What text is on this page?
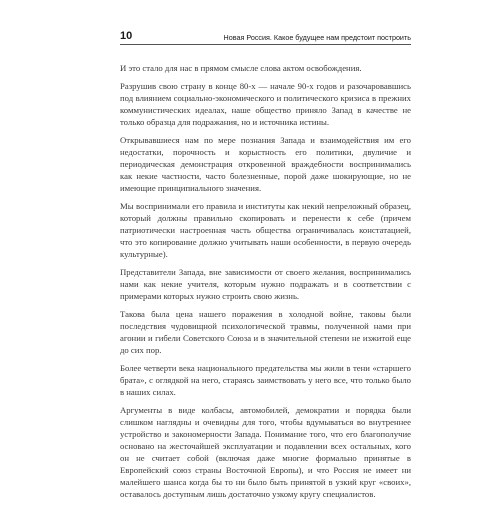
10	Новая Россия. Какое будущее нам предстоит построить

И это стало для нас в прямом смысле слова актом освобождения.

Разрушив свою страну в конце 80-х — начале 90-х годов и разочаровавшись под влиянием социально-экономического и политического кризиса в прежних коммунистических идеалах, наше общество приняло Запад в качестве не только образца для подражания, но и источника истины.

Открывавшиеся нам по мере познания Запада и взаимодействия им его недостатки, порочность и корыстность его политики, двуличие и периодическая демонстрация откровенной враждебности воспринимались как некие частности, часто болезненные, порой даже шокирующие, но не имеющие принципиального значения.

Мы воспринимали его правила и институты как некий непреложный образец, который должны правильно скопировать и перенести к себе (причем патриотически настроенная часть общества ограничивалась констатацией, что это копирование должно учитывать наши особенности, в первую очередь культурные).

Представители Запада, вне зависимости от своего желания, воспринимались нами как некие учителя, которым нужно подражать и в соответствии с примерами которых нужно строить свою жизнь.

Такова была цена нашего поражения в холодной войне, таковы были последствия чудовищной психологической травмы, полученной нами при агонии и гибели Советского Союза и в значительной степени не изжитой еще до сих пор.

Более четверти века национального предательства мы жили в тени «старшего брата», с оглядкой на него, стараясь заимствовать у него все, что только было в наших силах.

Аргументы в виде колбасы, автомобилей, демократии и порядка были слишком наглядны и очевидны для того, чтобы вдумываться во внутреннее устройство и закономерности Запада. Понимание того, что его благополучие основано на жесточайшей эксплуатации и подавлении всех остальных, кого он не считает собой (включая даже многие формально принятые в Европейский союз страны Восточной Европы), и что Россия не имеет ни малейшего шанса когда бы то ни было быть принятой в узкий круг «своих», оставалось доступным лишь достаточно узкому кругу специалистов.
